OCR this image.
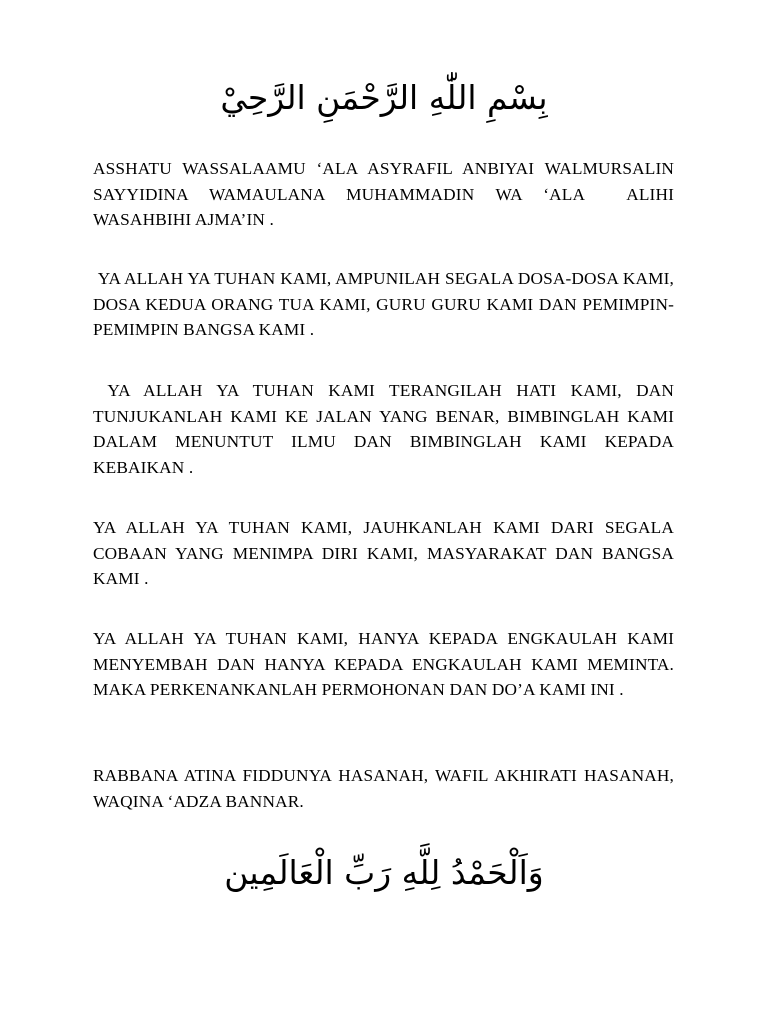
بِسْمِ اللّٰهِ الرَّحْمَنِ الرَّحِيْ

ASSHATU WASSALAAMU ‘ALA ASYRAFIL ANBIYAI WALMURSALIN SAYYIDINA WAMAULANA MUHAMMADIN WA ‘ALA  ALIHI WASAHBIHI AJMA’IN .

YA ALLAH YA TUHAN KAMI, AMPUNILAH SEGALA DOSA-DOSA KAMI, DOSA KEDUA ORANG TUA KAMI, GURU GURU KAMI DAN PEMIMPIN-PEMIMPIN BANGSA KAMI .

YA ALLAH YA TUHAN KAMI TERANGILAH HATI KAMI, DAN TUNJUKANLAH KAMI KE JALAN YANG BENAR, BIMBINGLAH KAMI DALAM MENUNTUT ILMU DAN BIMBINGLAH KAMI KEPADA KEBAIKAN .

YA ALLAH YA TUHAN KAMI, JAUHKANLAH KAMI DARI SEGALA COBAAN YANG MENIMPA DIRI KAMI, MASYARAKAT DAN BANGSA KAMI .

YA ALLAH YA TUHAN KAMI, HANYA KEPADA ENGKAULAH KAMI MENYEMBAH DAN HANYA KEPADA ENGKAULAH KAMI MEMINTA. MAKA PERKENANKANLAH PERMOHONAN DAN DO’A KAMI INI .

RABBANA ATINA FIDDUNYA HASANAH, WAFIL AKHIRATI HASANAH, WAQINA ‘ADZA BANNAR.

وَاَلْحَمْدُ لِلَّهِ رَبِّ الْعَالَمِين
